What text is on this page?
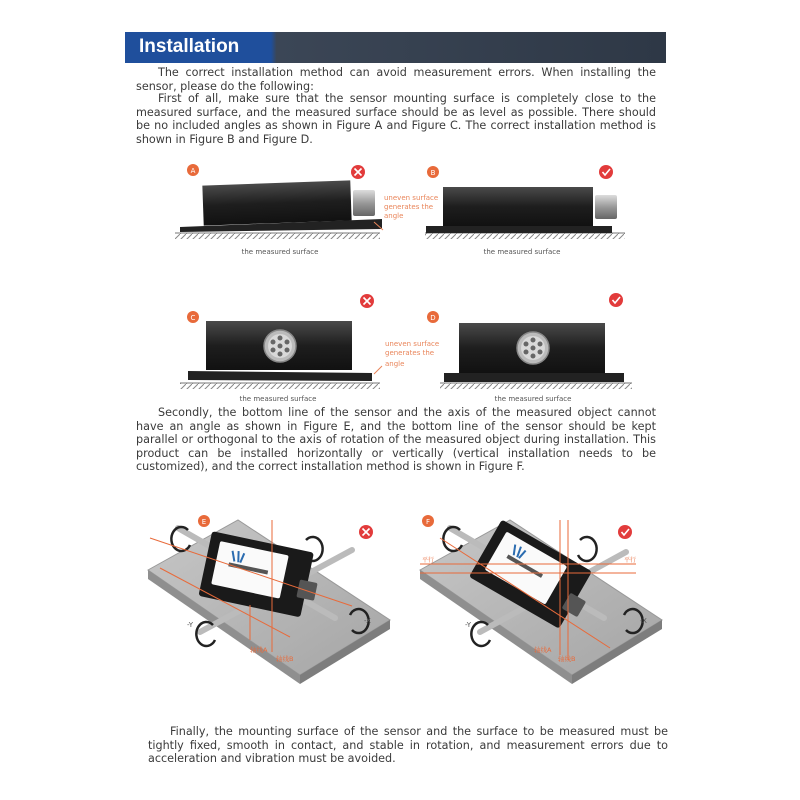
Installation
The correct installation method can avoid measurement errors. When installing the sensor, please do the following:
First of all, make sure that the sensor mounting surface is completely close to the measured surface, and the measured surface should be as level as possible. There should be no included angles as shown in Figure A and Figure C. The correct installation method is shown in Figure B and Figure D.
Secondly, the bottom line of the sensor and the axis of the measured object cannot have an angle as shown in Figure E, and the bottom line of the sensor should be kept parallel or orthogonal to the axis of rotation of the measured object during installation. This product can be installed horizontally or vertically (vertical installation needs to be customized), and the correct installation method is shown in Figure F.
Finally, the mounting surface of the sensor and the surface to be measured must be tightly fixed, smooth in contact, and stable in rotation, and measurement errors due to acceleration and vibration must be avoided.
A
uneven surface
generates the
angle
the measured surface
B
the measured surface
C
uneven surface
generates the
angle
the measured surface
D
the measured surface
E
-Y	-X
轴线A
轴线B
F
平行	平行
-Y	-X
轴线A
轴线B
